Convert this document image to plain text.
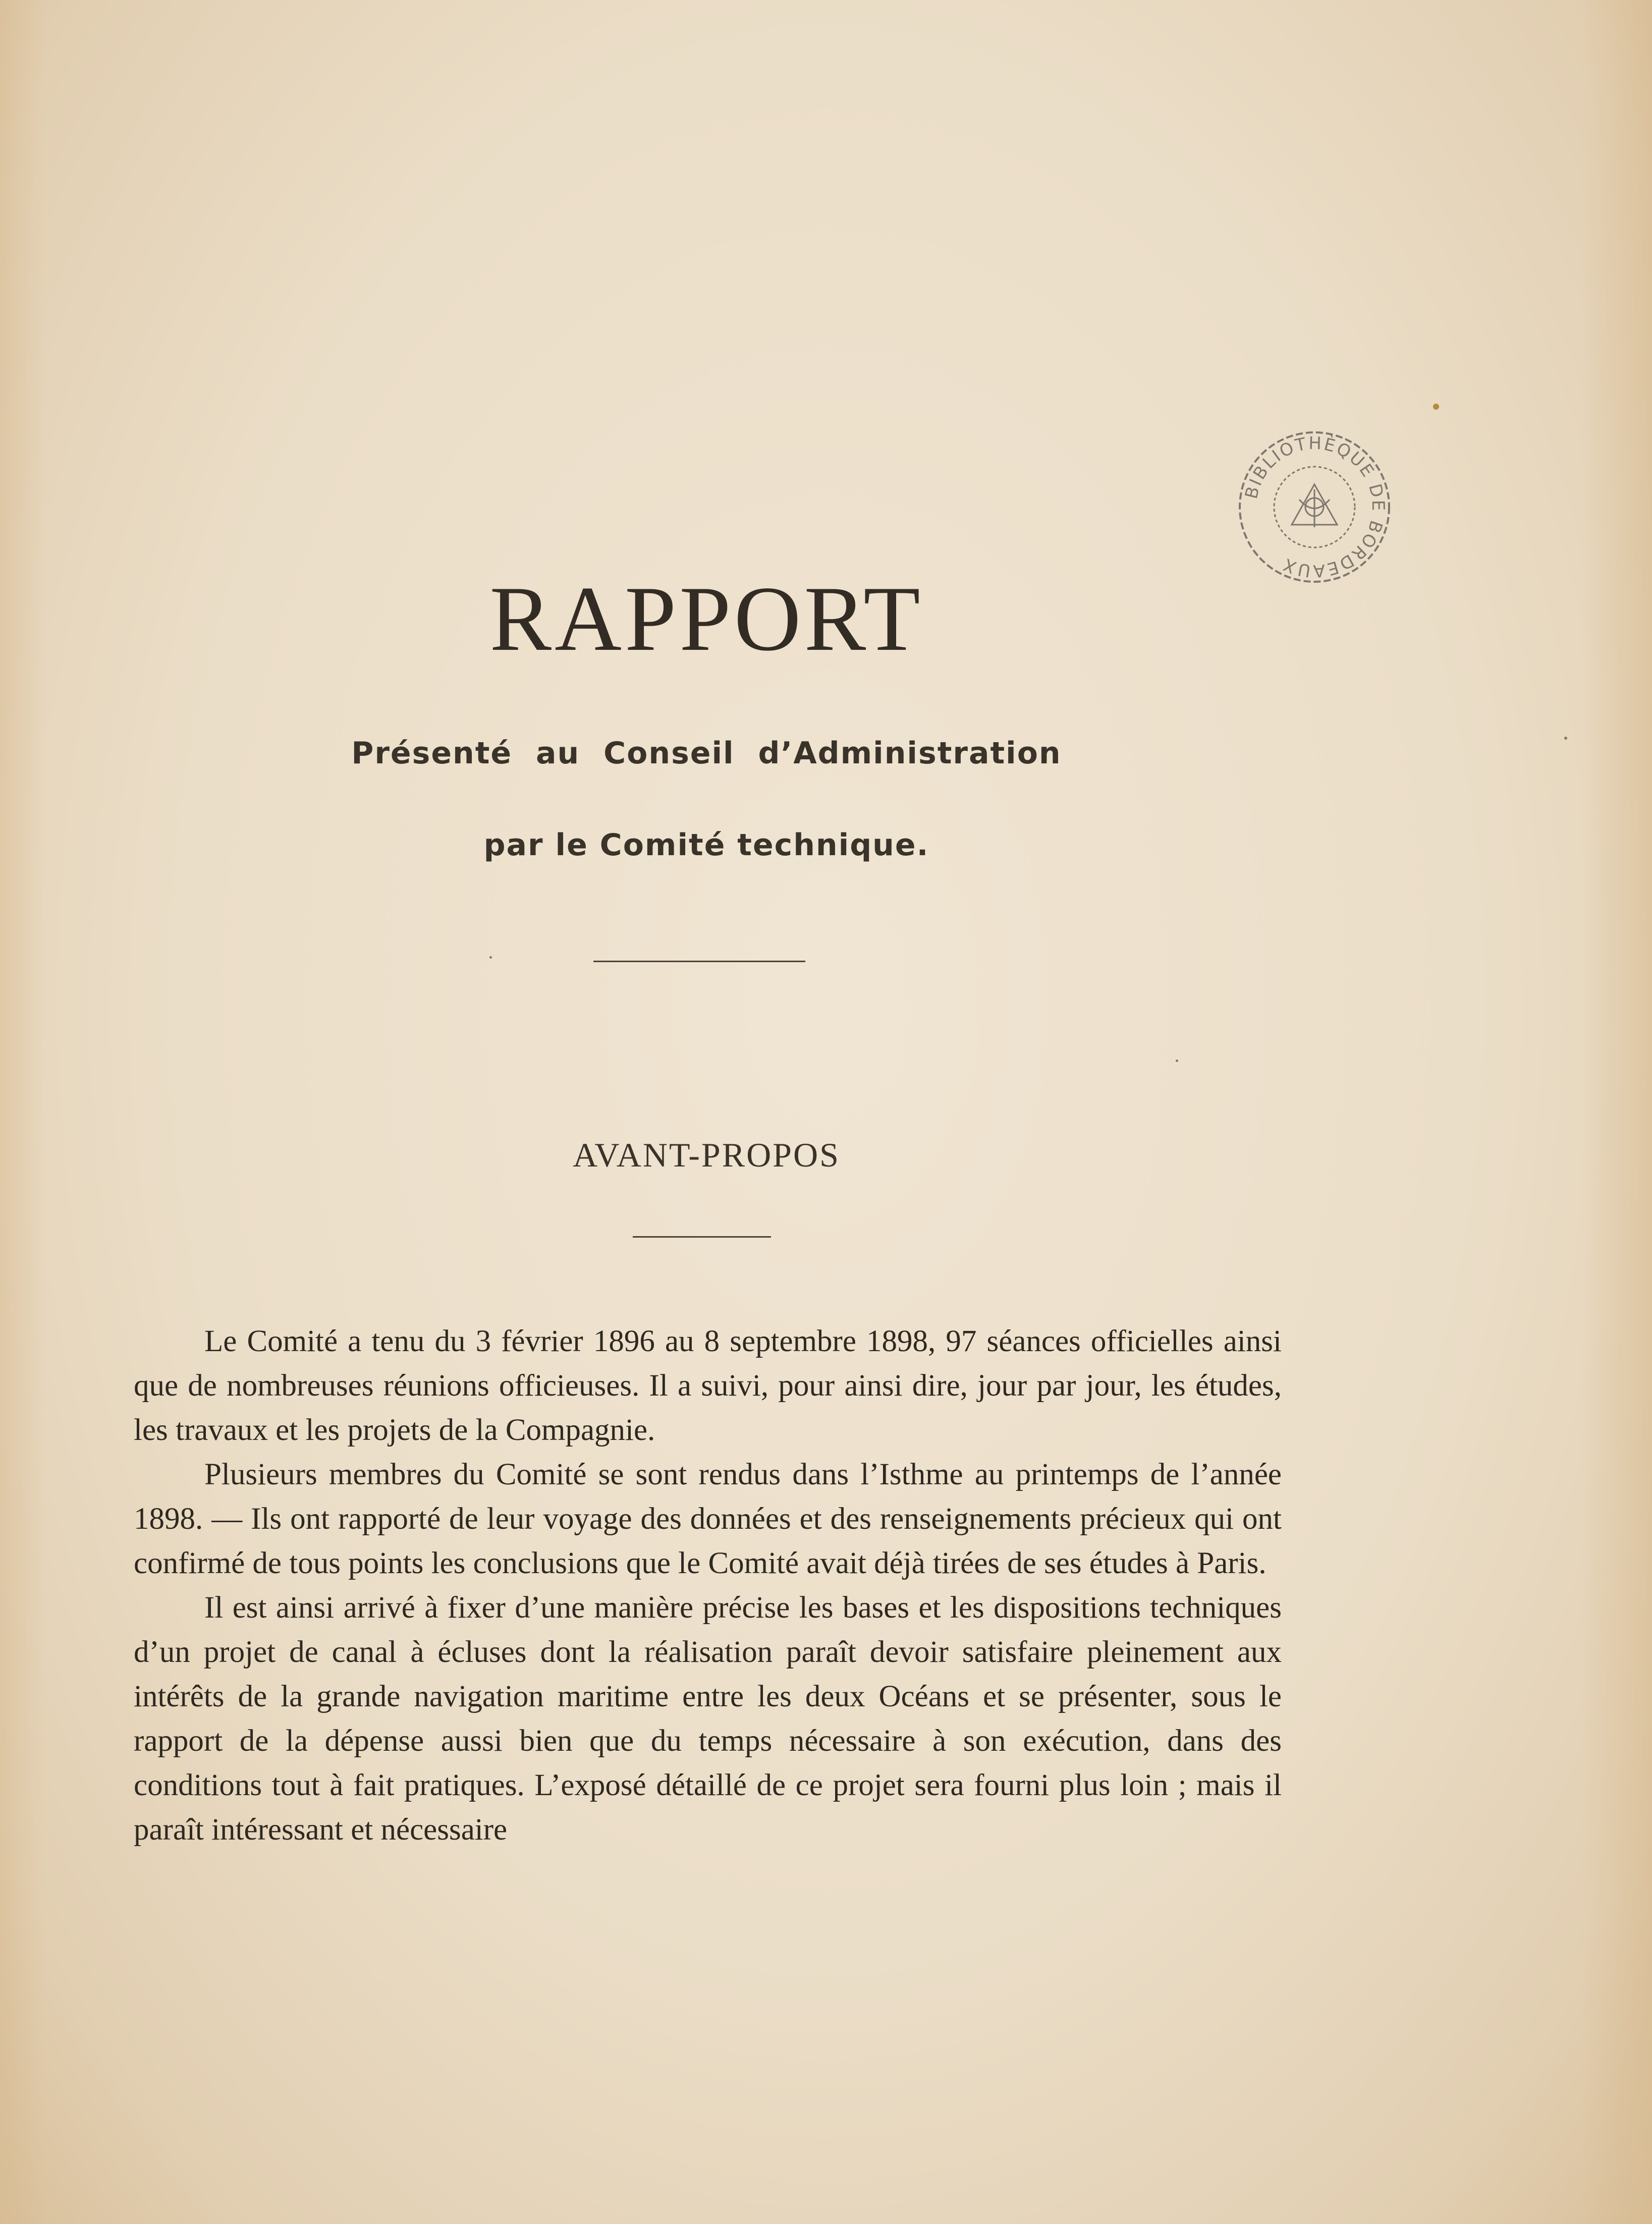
BIBLIOTHÈQUE DE BORDEAUX
RAPPORT
Présenté au Conseil d’Administration
par le Comité technique.
AVANT-PROPOS

Le Comité a tenu du 3 février 1896 au 8 septembre 1898, 97 séances officielles ainsi que de nombreuses réunions officieuses. Il a suivi, pour ainsi dire, jour par jour, les études, les travaux et les projets de la Compagnie.

Plusieurs membres du Comité se sont rendus dans l’Isthme au printemps de l’année 1898. — Ils ont rapporté de leur voyage des données et des renseignements précieux qui ont confirmé de tous points les conclusions que le Comité avait déjà tirées de ses études à Paris.

Il est ainsi arrivé à fixer d’une manière précise les bases et les dispositions techniques d’un projet de canal à écluses dont la réalisation paraît devoir satisfaire pleinement aux intérêts de la grande navigation maritime entre les deux Océans et se présenter, sous le rapport de la dépense aussi bien que du temps nécessaire à son exécution, dans des conditions tout à fait pratiques. L’exposé détaillé de ce projet sera fourni plus loin ; mais il paraît intéressant et nécessaire
